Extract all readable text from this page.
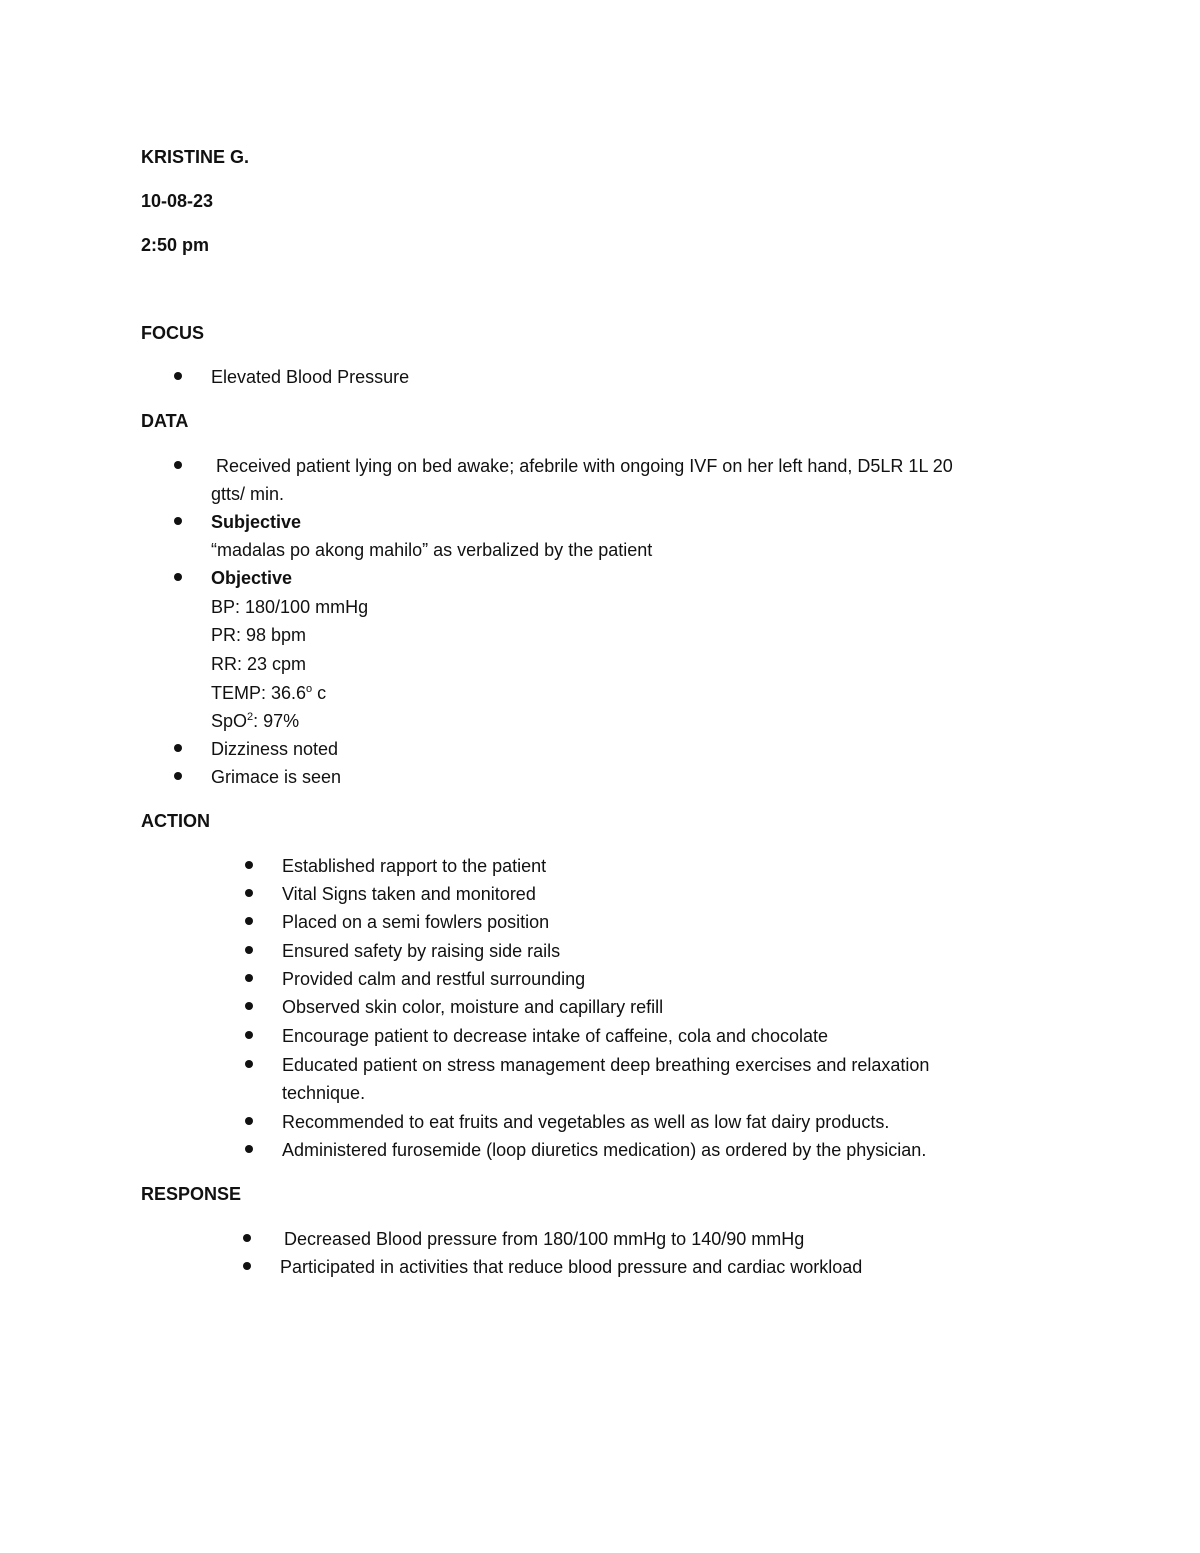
KRISTINE G.
10-08-23
2:50 pm
FOCUS
Elevated Blood Pressure
DATA
Received patient lying on bed awake; afebrile with ongoing IVF on her left hand, D5LR 1L 20
gtts/ min.
Subjective
“madalas po akong mahilo” as verbalized by the patient
Objective
BP: 180/100 mmHg
PR: 98 bpm
RR: 23 cpm
TEMP: 36.6$^o$ c
SpO$^2$: 97%
Dizziness noted
Grimace is seen
ACTION
Established rapport to the patient
Vital Signs taken and monitored
Placed on a semi fowlers position
Ensured safety by raising side rails
Provided calm and restful surrounding
Observed skin color, moisture and capillary refill
Encourage patient to decrease intake of caffeine, cola and chocolate
Educated patient on stress management deep breathing exercises and relaxation
technique.
Recommended to eat fruits and vegetables as well as low fat dairy products.
Administered furosemide (loop diuretics medication) as ordered by the physician.
RESPONSE
Decreased Blood pressure from 180/100 mmHg to 140/90 mmHg
Participated in activities that reduce blood pressure and cardiac workload
